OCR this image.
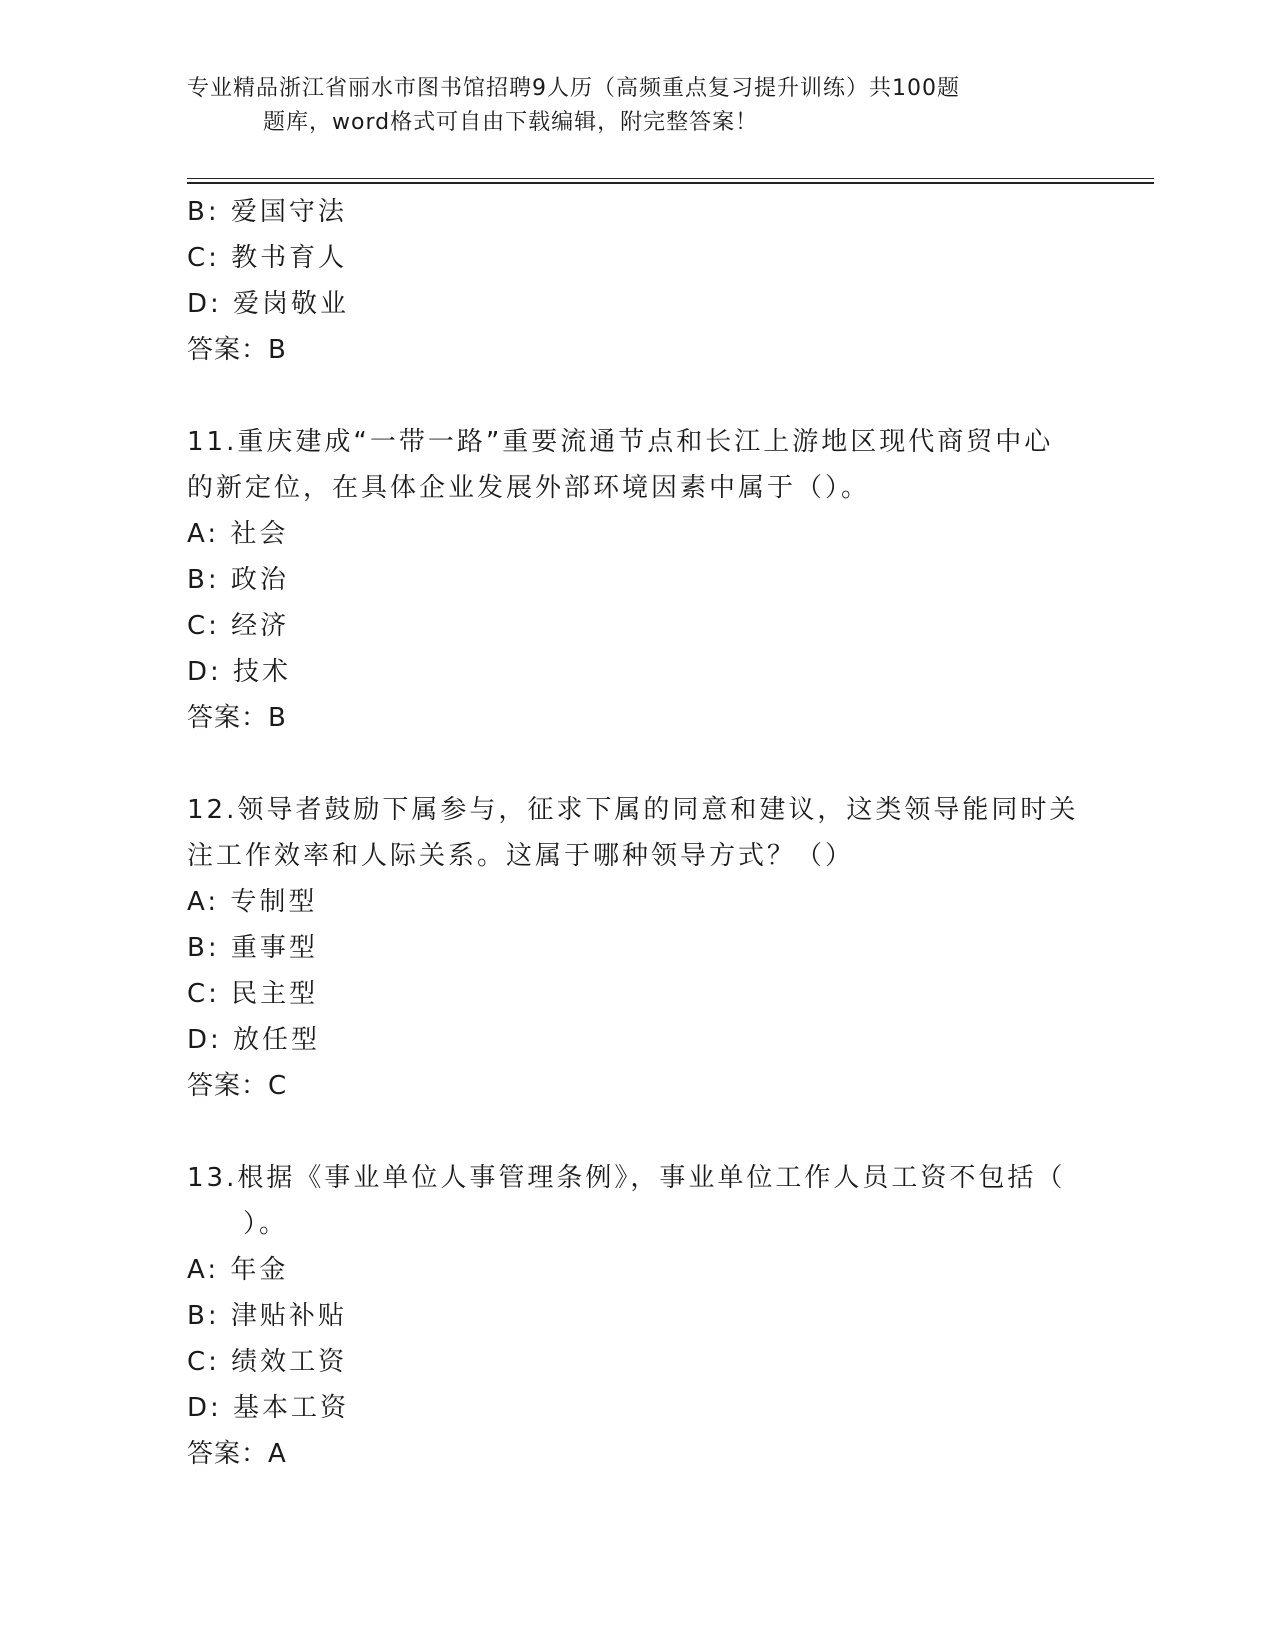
专业精品浙江省丽水市图书馆招聘9人历（高频重点复习提升训练）共100题
题库，word格式可自由下载编辑，附完整答案！
B: 爱国守法
C: 教书育人
D: 爱岗敬业
答案：B
11.重庆建成“一带一路”重要流通节点和长江上游地区现代商贸中心
的新定位，在具体企业发展外部环境因素中属于（）。
A: 社会
B: 政治
C: 经济
D: 技术
答案：B
12.领导者鼓励下属参与，征求下属的同意和建议，这类领导能同时关
注工作效率和人际关系。这属于哪种领导方式？（）
A: 专制型
B: 重事型
C: 民主型
D: 放任型
答案：C
13.根据《事业单位人事管理条例》，事业单位工作人员工资不包括（
）。
A: 年金
B: 津贴补贴
C: 绩效工资
D: 基本工资
答案：A
